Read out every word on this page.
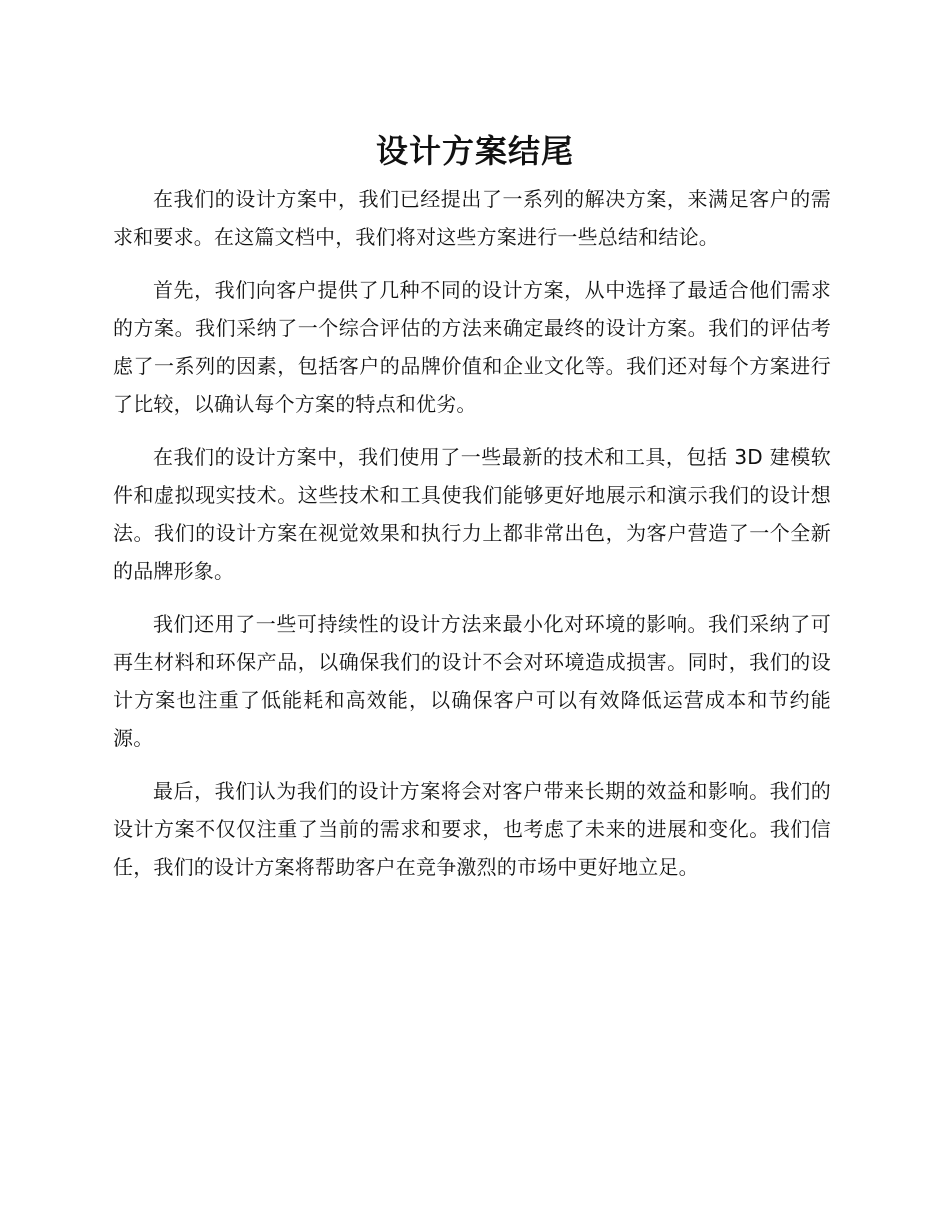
设计方案结尾

在我们的设计方案中，我们已经提出了一系列的解决方案，来满足客户的需求和要求。在这篇文档中，我们将对这些方案进行一些总结和结论。

首先，我们向客户提供了几种不同的设计方案，从中选择了最适合他们需求的方案。我们采纳了一个综合评估的方法来确定最终的设计方案。我们的评估考虑了一系列的因素，包括客户的品牌价值和企业文化等。我们还对每个方案进行了比较，以确认每个方案的特点和优劣。

在我们的设计方案中，我们使用了一些最新的技术和工具，包括 3D 建模软件和虚拟现实技术。这些技术和工具使我们能够更好地展示和演示我们的设计想法。我们的设计方案在视觉效果和执行力上都非常出色，为客户营造了一个全新的品牌形象。

我们还用了一些可持续性的设计方法来最小化对环境的影响。我们采纳了可再生材料和环保产品，以确保我们的设计不会对环境造成损害。同时，我们的设计方案也注重了低能耗和高效能，以确保客户可以有效降低运营成本和节约能源。

最后，我们认为我们的设计方案将会对客户带来长期的效益和影响。我们的设计方案不仅仅注重了当前的需求和要求，也考虑了未来的进展和变化。我们信任，我们的设计方案将帮助客户在竞争激烈的市场中更好地立足。
